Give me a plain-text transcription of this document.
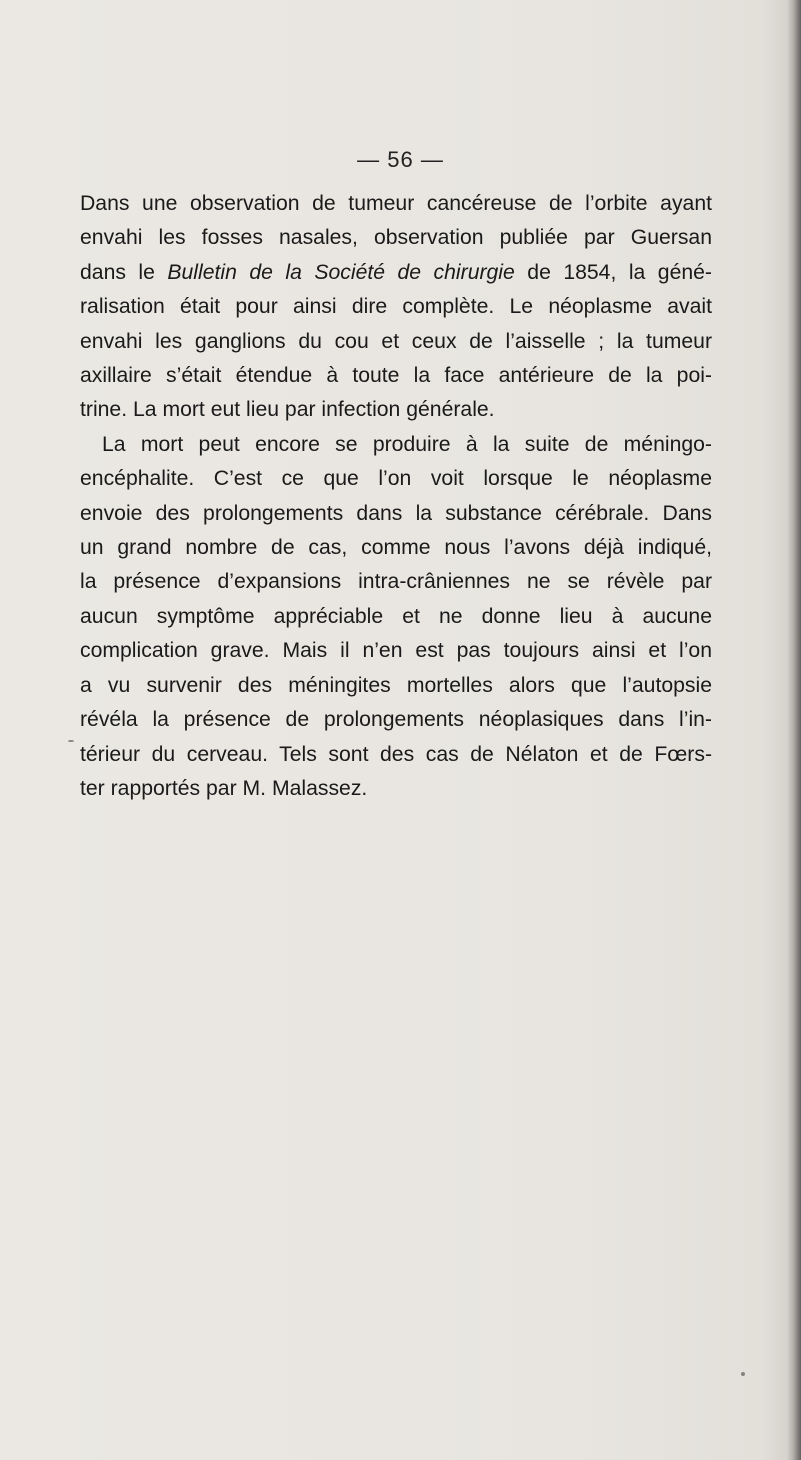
— 56 —
Dans une observation de tumeur cancéreuse de l’orbite ayant
envahi les fosses nasales, observation publiée par Guersan
dans le Bulletin de la Société de chirurgie de 1854, la géné-
ralisation était pour ainsi dire complète. Le néoplasme avait
envahi les ganglions du cou et ceux de l’aisselle ; la tumeur
axillaire s’était étendue à toute la face antérieure de la poi-
trine. La mort eut lieu par infection générale.
La mort peut encore se produire à la suite de méningo-
encéphalite. C’est ce que l’on voit lorsque le néoplasme
envoie des prolongements dans la substance cérébrale. Dans
un grand nombre de cas, comme nous l’avons déjà indiqué,
la présence d’expansions intra-crâniennes ne se révèle par
aucun symptôme appréciable et ne donne lieu à aucune
complication grave. Mais il n’en est pas toujours ainsi et l’on
a vu survenir des méningites mortelles alors que l’autopsie
révéla la présence de prolongements néoplasiques dans l’in-
térieur du cerveau. Tels sont des cas de Nélaton et de Fœrs-
ter rapportés par M. Malassez.
